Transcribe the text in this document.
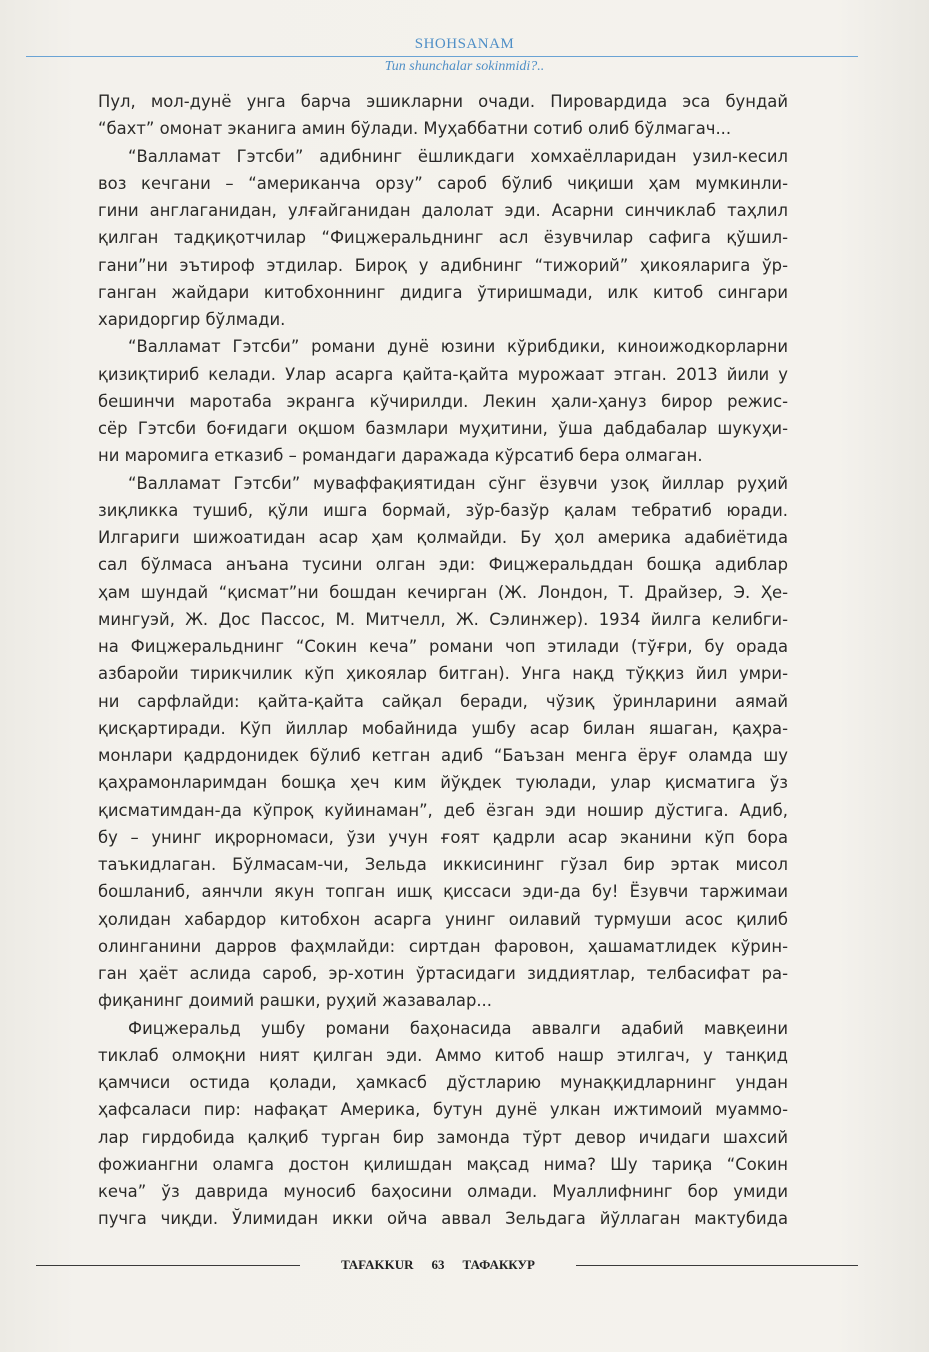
SHOHSANAM
Tun shunchalar sokinmidi?..
Пул, мол-дунё унга барча эшикларни очади. Пировардида эса бундай
“бахт” омонат эканига амин бўлади. Муҳаббатни сотиб олиб бўлмагач...
“Валламат Гэтсби” адибнинг ёшликдаги хомхаёлларидан узил-кесил
воз кечгани – “американча орзу” сароб бўлиб чиқиши ҳам мумкинли-
гини англаганидан, улғайганидан далолат эди. Асарни синчиклаб таҳлил
қилган тадқиқотчилар “Фицжеральднинг асл ёзувчилар сафига қўшил-
гани”ни эътироф этдилар. Бироқ у адибнинг “тижорий” ҳикояларига ўр-
ганган жайдари китобхоннинг дидига ўтиришмади, илк китоб сингари
харидоргир бўлмади.
“Валламат Гэтсби” романи дунё юзини кўрибдики, киноижодкорларни
қизиқтириб келади. Улар асарга қайта-қайта мурожаат этган. 2013 йили у
бешинчи маротаба экранга кўчирилди. Лекин ҳали-ҳануз бирор режис-
сёр Гэтсби боғидаги оқшом базмлари муҳитини, ўша дабдабалар шукуҳи-
ни маромига етказиб – романдаги даражада кўрсатиб бера олмаган.
“Валламат Гэтсби” муваффақиятидан сўнг ёзувчи узоқ йиллар руҳий
зиқликка тушиб, қўли ишга бормай, зўр-базўр қалам тебратиб юради.
Илгариги шижоатидан асар ҳам қолмайди. Бу ҳол америка адабиётида
сал бўлмаса анъана тусини олган эди: Фицжеральддан бошқа адиблар
ҳам шундай “қисмат”ни бошдан кечирган (Ж. Лондон, Т. Драйзер, Э. Ҳе-
мингуэй, Ж. Дос Пассос, М. Митчелл, Ж. Сэлинжер). 1934 йилга келибги-
на Фицжеральднинг “Сокин кеча” романи чоп этилади (тўғри, бу орада
азбаройи тирикчилик кўп ҳикоялар битган). Унга нақд тўққиз йил умри-
ни сарфлайди: қайта-қайта сайқал беради, чўзиқ ўринларини аямай
қисқартиради. Кўп йиллар мобайнида ушбу асар билан яшаган, қаҳра-
монлари қадрдонидек бўлиб кетган адиб “Баъзан менга ёруғ оламда шу
қаҳрамонларимдан бошқа ҳеч ким йўқдек туюлади, улар қисматига ўз
қисматимдан-да кўпроқ куйинаман”, деб ёзган эди ношир дўстига. Адиб,
бу – унинг иқрорномаси, ўзи учун ғоят қадрли асар эканини кўп бора
таъкидлаган. Бўлмасам-чи, Зельда иккисининг гўзал бир эртак мисол
бошланиб, аянчли якун топган ишқ қиссаси эди-да бу! Ёзувчи таржимаи
ҳолидан хабардор китобхон асарга унинг оилавий турмуши асос қилиб
олинганини дарров фаҳмлайди: сиртдан фаровон, ҳашаматлидек кўрин-
ган ҳаёт аслида сароб, эр-хотин ўртасидаги зиддиятлар, телбасифат ра-
фиқанинг доимий рашки, руҳий жазавалар...
Фицжеральд ушбу романи баҳонасида аввалги адабий мавқеини
тиклаб олмоқни ният қилган эди. Аммо китоб нашр этилгач, у танқид
қамчиси остида қолади, ҳамкасб дўстларию мунаққидларнинг ундан
ҳафсаласи пир: нафақат Америка, бутун дунё улкан ижтимоий муаммо-
лар гирдобида қалқиб турган бир замонда тўрт девор ичидаги шахсий
фожиангни оламга достон қилишдан мақсад нима? Шу тариқа “Сокин
кеча” ўз даврида муносиб баҳосини олмади. Муаллифнинг бор умиди
пучга чиқди. Ўлимидан икки ойча аввал Зельдага йўллаган мактубида
TAFAKKUR 63 ТАФАККУР
